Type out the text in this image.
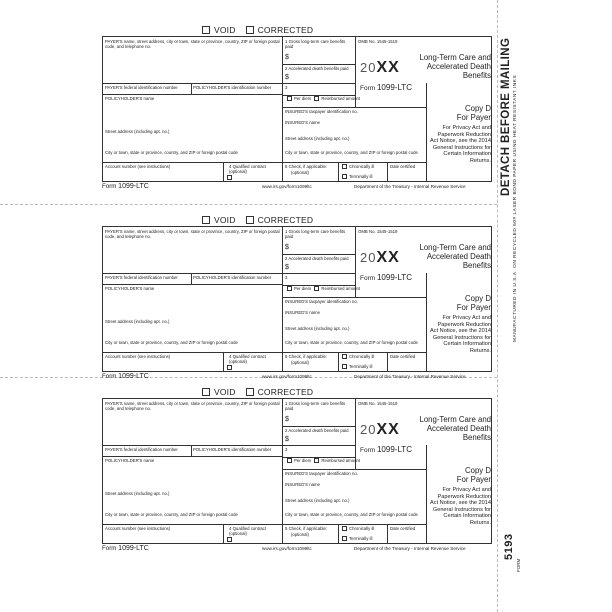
VOID	CORRECTED
PAYER'S name, street address, city or town, state or province, country, ZIP or foreign postal code, and telephone no.
PAYER'S federal identification number	POLICYHOLDER'S identification number
POLICYHOLDER'S name
Street address (including apt. no.)
City or town, state or province, country, and ZIP or foreign postal code
Account number (see instructions)	4 Qualified contract (optional)
1 Gross long-term care benefits paid
$
2 Accelerated death benefits paid
$
3
Per diem Reimbursed amount
OMB No. 1545-1519
20XX
Form 1099-LTC
Long-Term Care and Accelerated Death Benefits
INSURED'S taxpayer identification no.
INSURED'S name
Street address (including apt. no.)
City or town, state or province, country, and ZIP or foreign postal code
5 Check, if applicable:
(optional)
Chronically ill
Terminally ill
Date certified
Copy D
For Payer
For Privacy Act and Paperwork Reduction Act Notice, see the 2014 General Instructions for Certain Information Returns.
Form 1099-LTC	www.irs.gov/form1099ltc	Department of the Treasury - Internal Revenue Service
VOID	CORRECTED
PAYER'S name, street address, city or town, state or province, country, ZIP or foreign postal code, and telephone no.
PAYER'S federal identification number	POLICYHOLDER'S identification number
POLICYHOLDER'S name
Street address (including apt. no.)
City or town, state or province, country, and ZIP or foreign postal code
Account number (see instructions)	4 Qualified contract (optional)
1 Gross long-term care benefits paid
$
2 Accelerated death benefits paid
$
3
Per diem Reimbursed amount
OMB No. 1545-1519
20XX
Form 1099-LTC
Long-Term Care and Accelerated Death Benefits
INSURED'S taxpayer identification no.
INSURED'S name
Street address (including apt. no.)
City or town, state or province, country, and ZIP or foreign postal code
5 Check, if applicable:
(optional)
Chronically ill
Terminally ill
Date certified
Copy D
For Payer
For Privacy Act and Paperwork Reduction Act Notice, see the 2014 General Instructions for Certain Information Returns.
Form 1099-LTC	www.irs.gov/form1099ltc	Department of the Treasury - Internal Revenue Service
VOID	CORRECTED
PAYER'S name, street address, city or town, state or province, country, ZIP or foreign postal code, and telephone no.
PAYER'S federal identification number	POLICYHOLDER'S identification number
POLICYHOLDER'S name
Street address (including apt. no.)
City or town, state or province, country, and ZIP or foreign postal code
Account number (see instructions)	4 Qualified contract (optional)
1 Gross long-term care benefits paid
$
2 Accelerated death benefits paid
$
3
Per diem Reimbursed amount
OMB No. 1545-1519
20XX
Form 1099-LTC
Long-Term Care and Accelerated Death Benefits
INSURED'S taxpayer identification no.
INSURED'S name
Street address (including apt. no.)
City or town, state or province, country, and ZIP or foreign postal code
5 Check, if applicable:
(optional)
Chronically ill
Terminally ill
Date certified
Copy D
For Payer
For Privacy Act and Paperwork Reduction Act Notice, see the 2014 General Instructions for Certain Information Returns.
Form 1099-LTC	www.irs.gov/form1099ltc	Department of the Treasury - Internal Revenue Service
DETACH BEFORE MAILING MANUFACTURED IN U.S.A. ON RECYCLED 60# LASER BOND PAPER USING HEAT RESISTANT INKS
5193
FORM
